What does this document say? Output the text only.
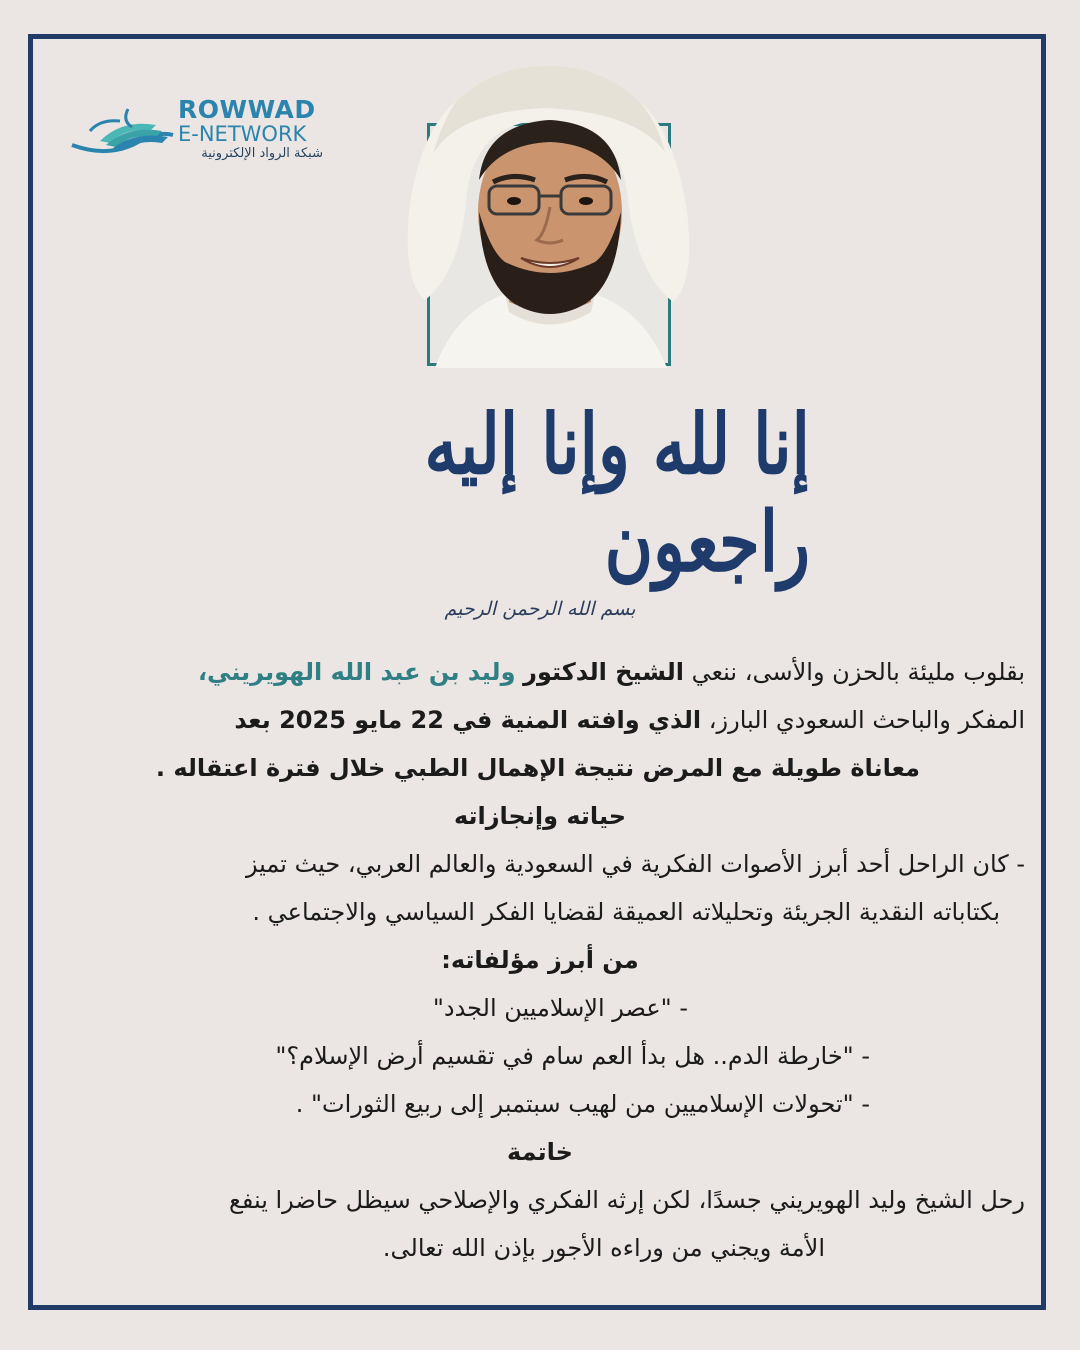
ROWWAD
E-NETWORK
شبكة الرواد الإلكترونية
إنا لله وإنا إليه راجعون
بسم الله الرحمن الرحيم
بقلوب مليئة بالحزن والأسى، ننعي الشيخ الدكتور وليد بن عبد الله الهويريني،
المفكر والباحث السعودي البارز، الذي وافته المنية في 22 مايو 2025 بعد
معاناة طويلة مع المرض نتيجة الإهمال الطبي خلال فترة اعتقاله .
حياته وإنجازاته
- كان الراحل أحد أبرز الأصوات الفكرية في السعودية والعالم العربي، حيث تميز
بكتاباته النقدية الجريئة وتحليلاته العميقة لقضايا الفكر السياسي والاجتماعي .
من أبرز مؤلفاته:
- "عصر الإسلاميين الجدد"
- "خارطة الدم.. هل بدأ العم سام في تقسيم أرض الإسلام؟"
- "تحولات الإسلاميين من لهيب سبتمبر إلى ربيع الثورات" .
خاتمة
رحل الشيخ وليد الهويريني جسدًا، لكن إرثه الفكري والإصلاحي سيظل حاضرا ينفع
الأمة ويجني من وراءه الأجور بإذن الله تعالى.
